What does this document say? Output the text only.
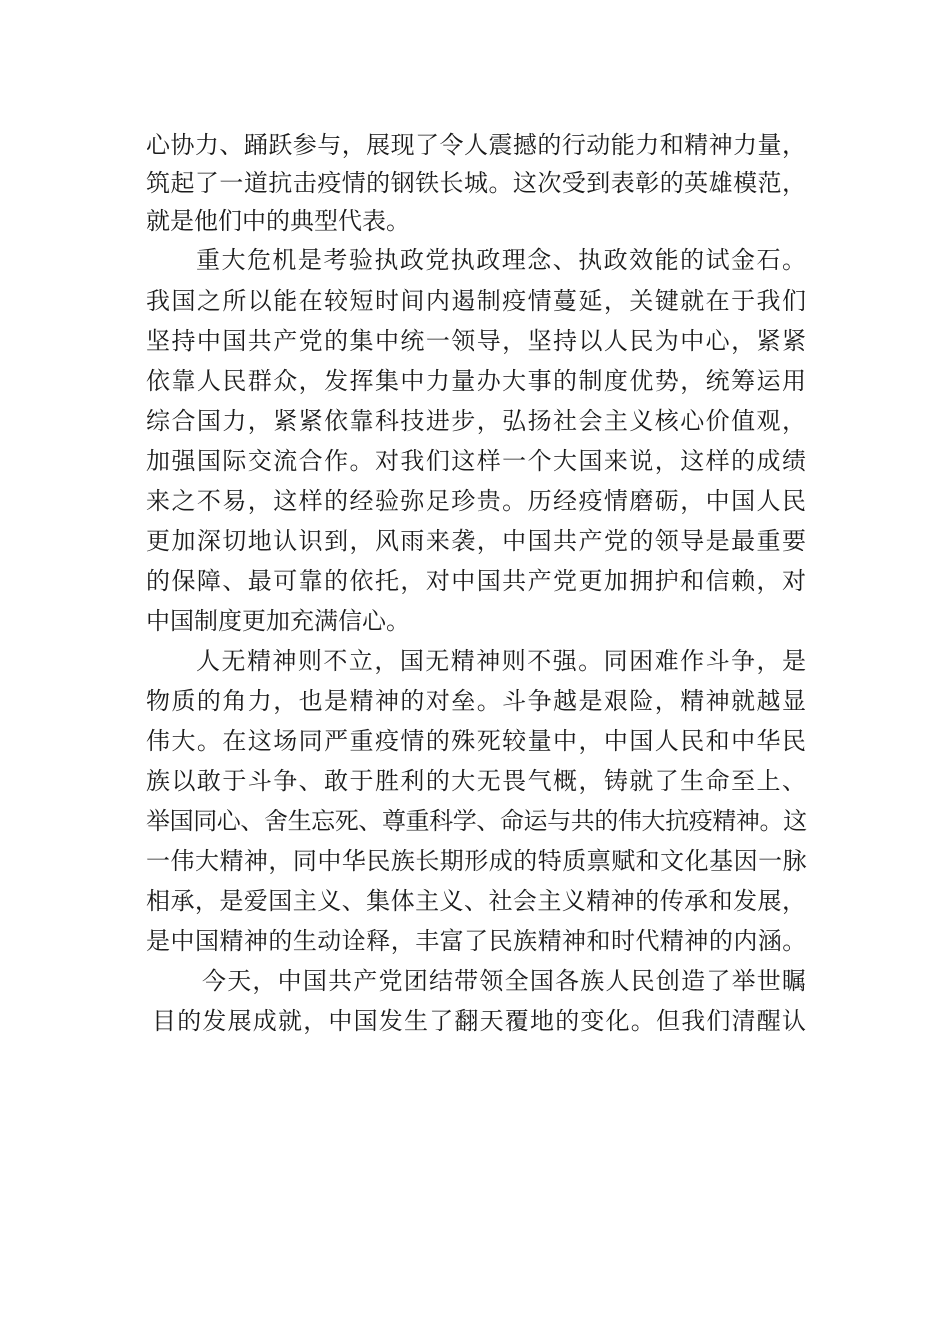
心协力、踊跃参与，展现了令人震撼的行动能力和精神力量，
筑起了一道抗击疫情的钢铁长城。这次受到表彰的英雄模范，
就是他们中的典型代表。
重大危机是考验执政党执政理念、执政效能的试金石。
我国之所以能在较短时间内遏制疫情蔓延，关键就在于我们
坚持中国共产党的集中统一领导，坚持以人民为中心，紧紧
依靠人民群众，发挥集中力量办大事的制度优势，统筹运用
综合国力，紧紧依靠科技进步，弘扬社会主义核心价值观，
加强国际交流合作。对我们这样一个大国来说，这样的成绩
来之不易，这样的经验弥足珍贵。历经疫情磨砺，中国人民
更加深切地认识到，风雨来袭，中国共产党的领导是最重要
的保障、最可靠的依托，对中国共产党更加拥护和信赖，对
中国制度更加充满信心。
人无精神则不立，国无精神则不强。同困难作斗争，是
物质的角力，也是精神的对垒。斗争越是艰险，精神就越显
伟大。在这场同严重疫情的殊死较量中，中国人民和中华民
族以敢于斗争、敢于胜利的大无畏气概，铸就了生命至上、
举国同心、舍生忘死、尊重科学、命运与共的伟大抗疫精神。这
一伟大精神，同中华民族长期形成的特质禀赋和文化基因一脉
相承，是爱国主义、集体主义、社会主义精神的传承和发展，
是中国精神的生动诠释，丰富了民族精神和时代精神的内涵。
今天，中国共产党团结带领全国各族人民创造了举世瞩
目的发展成就，中国发生了翻天覆地的变化。但我们清醒认
